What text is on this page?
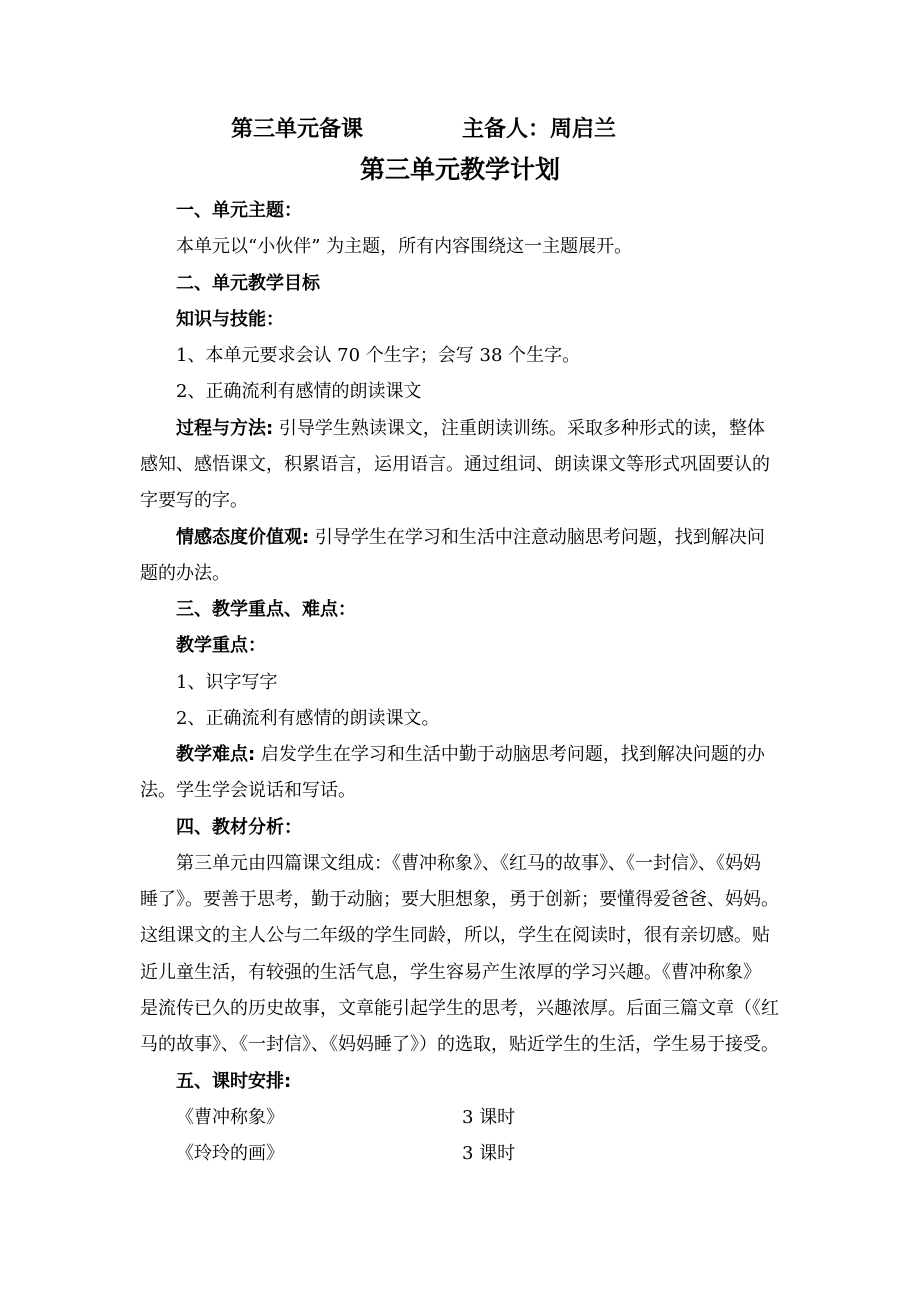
第三单元备课	主备人：周启兰
第三单元教学计划
一、单元主题：
本单元以“小伙伴” 为主题，所有内容围绕这一主题展开。
二、单元教学目标
知识与技能：
1、本单元要求会认 70 个生字；会写 38 个生字。
2、正确流利有感情的朗读课文
过程与方法: 引导学生熟读课文，注重朗读训练。采取多种形式的读，整体
感知、感悟课文，积累语言，运用语言。通过组词、朗读课文等形式巩固要认的
字要写的字。
情感态度价值观: 引导学生在学习和生活中注意动脑思考问题，找到解决问
题的办法。
三、教学重点、难点：
教学重点：
1、识字写字
2、正确流利有感情的朗读课文。
教学难点: 启发学生在学习和生活中勤于动脑思考问题，找到解决问题的办
法。学生学会说话和写话。
四、教材分析：
第三单元由四篇课文组成：《曹冲称象》、《红马的故事》、《一封信》、《妈妈
睡了》。要善于思考，勤于动脑；要大胆想象，勇于创新；要懂得爱爸爸、妈妈。
这组课文的主人公与二年级的学生同龄，所以，学生在阅读时，很有亲切感。贴
近儿童生活，有较强的生活气息，学生容易产生浓厚的学习兴趣。《曹冲称象》
是流传已久的历史故事，文章能引起学生的思考，兴趣浓厚。后面三篇文章（《红
马的故事》、《一封信》、《妈妈睡了》）的选取，贴近学生的生活，学生易于接受。
五、课时安排:
《曹冲称象》	3 课时
《玲玲的画》	3 课时
